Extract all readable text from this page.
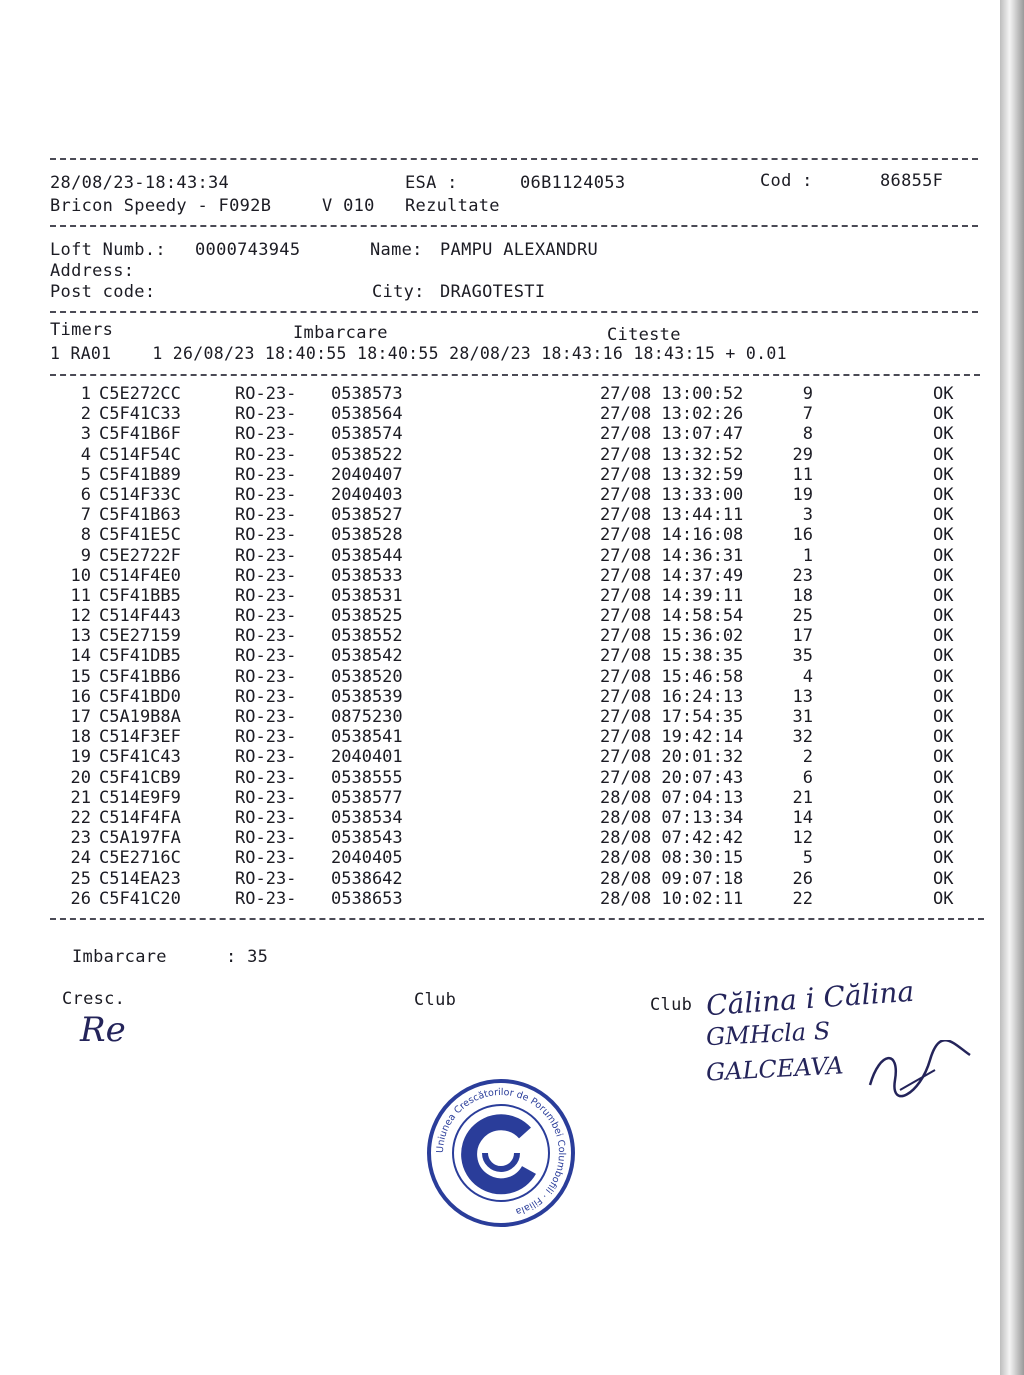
28/08/23-18:43:34	ESA :	06B1124053	Cod :	86855F
Bricon Speedy - F092B	V 010 Rezultate
Loft Numb.: 0000743945	Name: PAMPU ALEXANDRU
Address:
Post code:	City: DRAGOTESTI
Timers	Imbarcare	Citeste
1 RA01    1 26/08/23 18:40:55 18:40:55 28/08/23 18:43:16 18:43:15 + 0.01
1 C5E272CC	RO-23- 0538573	27/08 13:00:52	9	OK
2 C5F41C33	RO-23- 0538564	27/08 13:02:26	7	OK
3 C5F41B6F	RO-23- 0538574	27/08 13:07:47	8	OK
4 C514F54C	RO-23- 0538522	27/08 13:32:52	29	OK
5 C5F41B89	RO-23- 2040407	27/08 13:32:59	11	OK
6 C514F33C	RO-23- 2040403	27/08 13:33:00	19	OK
7 C5F41B63	RO-23- 0538527	27/08 13:44:11	3	OK
8 C5F41E5C	RO-23- 0538528	27/08 14:16:08	16	OK
9 C5E2722F	RO-23- 0538544	27/08 14:36:31	1	OK
10 C514F4E0	RO-23- 0538533	27/08 14:37:49	23	OK
11 C5F41BB5	RO-23- 0538531	27/08 14:39:11	18	OK
12 C514F443	RO-23- 0538525	27/08 14:58:54	25	OK
13 C5E27159	RO-23- 0538552	27/08 15:36:02	17	OK
14 C5F41DB5	RO-23- 0538542	27/08 15:38:35	35	OK
15 C5F41BB6	RO-23- 0538520	27/08 15:46:58	4	OK
16 C5F41BD0	RO-23- 0538539	27/08 16:24:13	13	OK
17 C5A19B8A	RO-23- 0875230	27/08 17:54:35	31	OK
18 C514F3EF	RO-23- 0538541	27/08 19:42:14	32	OK
19 C5F41C43	RO-23- 2040401	27/08 20:01:32	2	OK
20 C5F41CB9	RO-23- 0538555	27/08 20:07:43	6	OK
21 C514E9F9	RO-23- 0538577	28/08 07:04:13	21	OK
22 C514F4FA	RO-23- 0538534	28/08 07:13:34	14	OK
23 C5A197FA	RO-23- 0538543	28/08 07:42:42	12	OK
24 C5E2716C	RO-23- 2040405	28/08 08:30:15	5	OK
25 C514EA23	RO-23- 0538642	28/08 09:07:18	26	OK
26 C5F41C20	RO-23- 0538653	28/08 10:02:11	22	OK
Imbarcare	: 35
Cresc.	Club	Club
Re
Călina i Călina
GMHcla S
GALCEAVA
Uniunea Crescătorilor de Porumbei Columbofili · Filiala
